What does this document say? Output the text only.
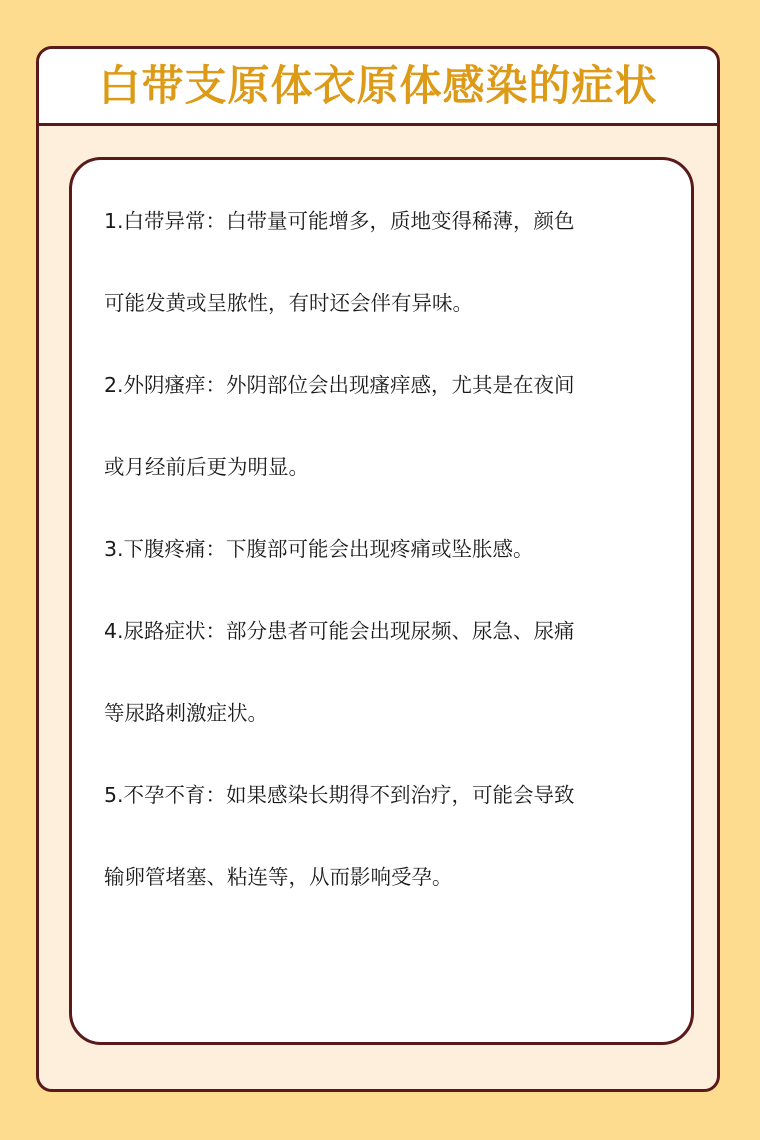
白带支原体衣原体感染的症状
1.白带异常：白带量可能增多，质地变得稀薄，颜色
可能发黄或呈脓性，有时还会伴有异味。
2.外阴瘙痒：外阴部位会出现瘙痒感，尤其是在夜间
或月经前后更为明显。
3.下腹疼痛：下腹部可能会出现疼痛或坠胀感。
4.尿路症状：部分患者可能会出现尿频、尿急、尿痛
等尿路刺激症状。
5.不孕不育：如果感染长期得不到治疗，可能会导致
输卵管堵塞、粘连等，从而影响受孕。
